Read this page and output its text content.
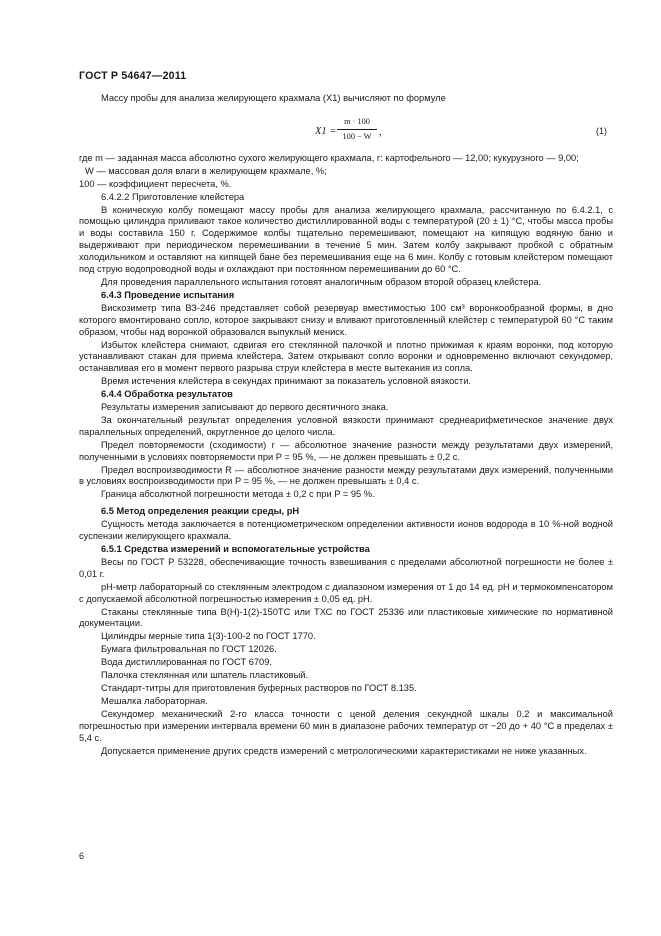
ГОСТ Р 54647—2011
Массу пробы для анализа желирующего крахмала (X1) вычисляют по формуле
$X1 = \frac{m \cdot 100}{100 - W}$ ,	(1)
где m — заданная масса абсолютно сухого желирующего крахмала, г: картофельного — 12,00; кукурузного — 9,00;
W — массовая доля влаги в желирующем крахмале, %;
100 — коэффициент пересчета, %.
6.4.2.2 Приготовление клейстера
В коническую колбу помещают массу пробы для анализа желирующего крахмала, рассчитанную по 6.4.2.1, с помощью цилиндра приливают такое количество дистиллированной воды с температурой (20 ± 1) °С, чтобы масса пробы и воды составила 150 г. Содержимое колбы тщательно перемешивают, помещают на кипящую водяную баню и выдерживают при периодическом перемешивании в течение 5 мин. Затем колбу закрывают пробкой с обратным холодильником и оставляют на кипящей бане без перемешивания еще на 6 мин. Колбу с готовым клейстером помещают под струю водопроводной воды и охлаждают при постоянном перемешивании до 60 °С.
Для проведения параллельного испытания готовят аналогичным образом второй образец клейстера.
6.4.3 Проведение испытания
Вискозиметр типа ВЗ-246 представляет собой резервуар вместимостью 100 см³ воронкообразной формы, в дно которого вмонтировано сопло, которое закрывают снизу и вливают приготовленный клейстер с температурой 60 °С таким образом, чтобы над воронкой образовался выпуклый мениск.
Избыток клейстера снимают, сдвигая его стеклянной палочкой и плотно прижимая к краям воронки, под которую устанавливают стакан для приема клейстера. Затем открывают сопло воронки и одновременно включают секундомер, останавливая его в момент первого разрыва струи клейстера в месте вытекания из сопла.
Время истечения клейстера в секундах принимают за показатель условной вязкости.
6.4.4 Обработка результатов
Результаты измерения записывают до первого десятичного знака.
За окончательный результат определения условной вязкости принимают среднеарифметическое значение двух параллельных определений, округленное до целого числа.
Предел повторяемости (сходимости) r — абсолютное значение разности между результатами двух измерений, полученными в условиях повторяемости при P = 95 %, — не должен превышать ± 0,2 с.
Предел воспроизводимости R — абсолютное значение разности между результатами двух измерений, полученными в условиях воспроизводимости при P = 95 %, — не должен превышать ± 0,4 с.
Граница абсолютной погрешности метода ± 0,2 с при P = 95 %.
6.5 Метод определения реакции среды, рН
Сущность метода заключается в потенциометрическом определении активности ионов водорода в 10 %-ной водной суспензии желирующего крахмала.
6.5.1 Средства измерений и вспомогательные устройства
Весы по ГОСТ Р 53228, обеспечивающие точность взвешивания с пределами абсолютной погрешности не более ± 0,01 г.
рН-метр лабораторный со стеклянным электродом с диапазоном измерения от 1 до 14 ед. рН и термокомпенсатором с допускаемой абсолютной погрешностью измерения ± 0,05 ед. рН.
Стаканы стеклянные типа В(Н)-1(2)-150ТС или ТХС по ГОСТ 25336 или пластиковые химические по нормативной документации.
Цилиндры мерные типа 1(3)-100-2 по ГОСТ 1770.
Бумага фильтровальная по ГОСТ 12026.
Вода дистиллированная по ГОСТ 6709.
Палочка стеклянная или шпатель пластиковый.
Стандарт-титры для приготовления буферных растворов по ГОСТ 8.135.
Мешалка лабораторная.
Секундомер механический 2-го класса точности с ценой деления секундной шкалы 0,2 и максимальной погрешностью при измерении интервала времени 60 мин в диапазоне рабочих температур от −20 до + 40 °С в пределах ± 5,4 с.
Допускается применение других средств измерений с метрологическими характеристиками не ниже указанных.
6
